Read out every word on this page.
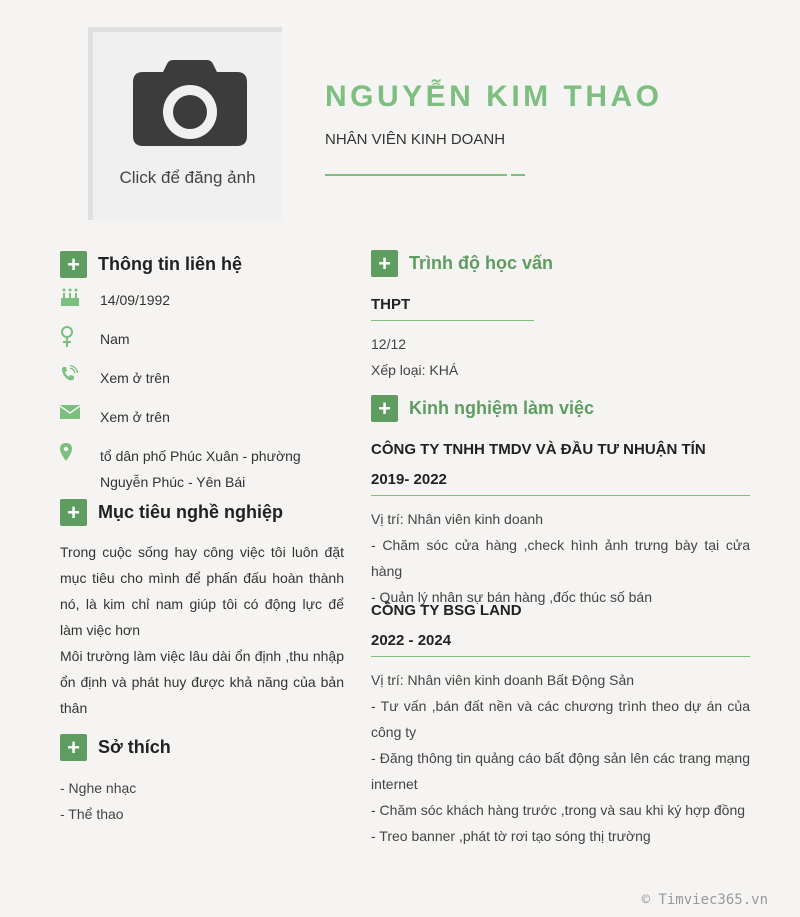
Click để đăng ảnh
NGUYỄN KIM THAO
NHÂN VIÊN KINH DOANH
+	Thông tin liên hệ
14/09/1992
Nam
Xem ở trên
Xem ở trên
tổ dân phố Phúc Xuân - phường
Nguyễn Phúc - Yên Bái
+	Mục tiêu nghề nghiệp
Trong cuộc sống hay công việc tôi luôn đặt mục tiêu cho mình để phấn đấu hoàn thành nó, là kim chỉ nam giúp tôi có động lực để làm việc hơn
Môi trường làm việc lâu dài ổn định ,thu nhập ổn định và phát huy được khả năng của bản thân
+	Sở thích
- Nghe nhạc
- Thể thao
+	Trình độ học vấn
THPT
12/12
Xếp loại: KHÁ
+	Kinh nghiệm làm việc
CÔNG TY TNHH TMDV VÀ ĐẦU TƯ NHUẬN TÍN
2019- 2022
Vị trí: Nhân viên kinh doanh
- Chăm sóc cửa hàng ,check hình ảnh trưng bày tại cửa hàng
- Quản lý nhân sự bán hàng ,đốc thúc số bán
CÔNG TY BSG LAND
2022 - 2024
Vị trí: Nhân viên kinh doanh Bất Động Sản
- Tư vấn ,bán đất nền và các chương trình theo dự án của công ty
- Đăng thông tin quảng cáo bất động sản lên các trang mạng internet
- Chăm sóc khách hàng trước ,trong và sau khi ký hợp đồng
- Treo banner ,phát tờ rơi tạo sóng thị trường
© Timviec365.vn
